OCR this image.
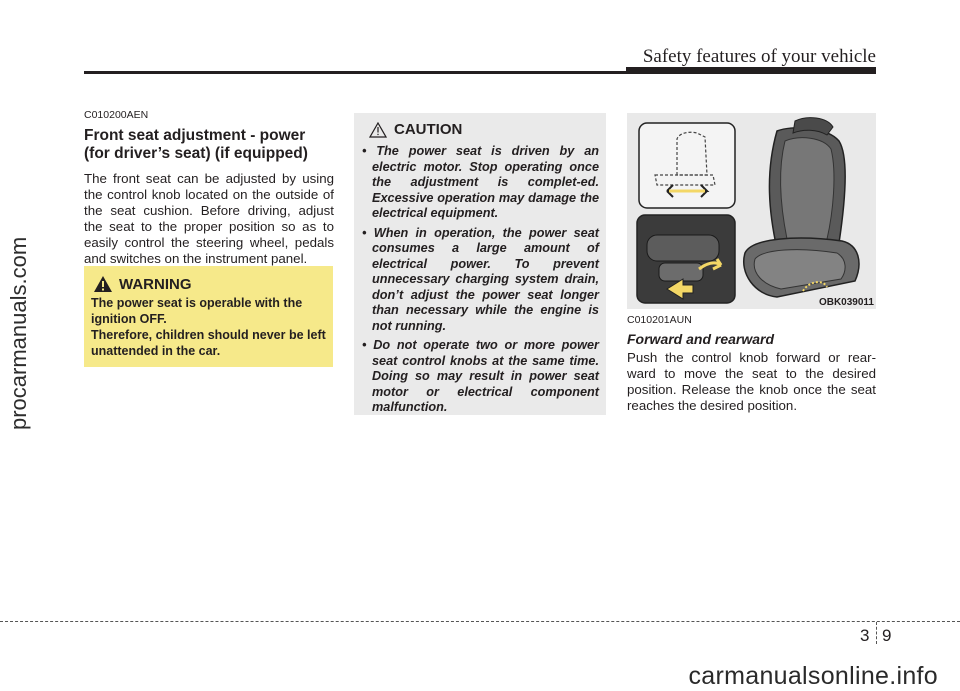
Safety features of your vehicle
procarmanuals.com
C010200AEN
Front seat adjustment - power
(for driver’s seat) (if equipped)

The front seat can be adjusted by using the control knob located on the outside of the seat cushion. Before driving, adjust the seat to the proper position so as to easily control the steering wheel, pedals and switches on the instrument panel.

WARNING

The power seat is operable with the ignition OFF.

Therefore, children should never be left unattended in the car.

CAUTION
• The power seat is driven by an electric motor. Stop operating once the adjustment is complet-ed. Excessive operation may damage the electrical equipment.
• When in operation, the power seat consumes a large amount of electrical power. To prevent unnecessary charging system drain, don’t adjust the power seat longer than necessary while the engine is not running.
• Do not operate two or more power seat control knobs at the same time. Doing so may result in power seat motor or electrical component malfunction.
OBK039011
C010201AUN
Forward and rearward

Push the control knob forward or rear-ward to move the seat to the desired position. Release the knob once the seat reaches the desired position.

3 9
carmanualsonline.info
